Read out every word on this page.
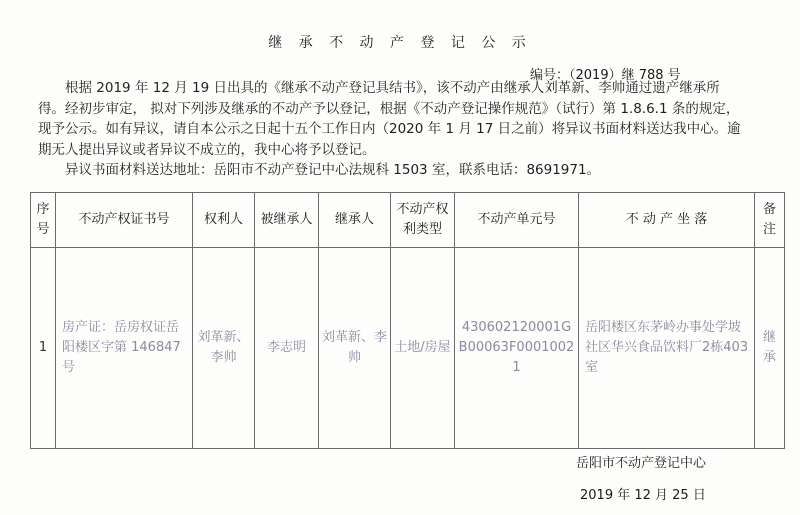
继 承 不 动 产 登 记 公 示
编号：（2019）继 788 号

根据 2019 年 12 月 19 日出具的《继承不动产登记具结书》，该不动产由继承人刘革新、李帅通过遗产继承所得。经初步审定， 拟对下列涉及继承的不动产予以登记，根据《不动产登记操作规范》（试行）第 1.8.6.1 条的规定，现予公示。如有异议，请自本公示之日起十五个工作日内（2020 年 1 月 17 日之前）将异议书面材料送达我中心。逾期无人提出异议或者异议不成立的，我中心将予以登记。

异议书面材料送达地址：岳阳市不动产登记中心法规科 1503 室，联系电话：8691971。

序号	不动产权证书号	权利人	被继承人	继承人	不动产权利类型	不动产单元号	不 动 产 坐 落	备注
1	房产证：岳房权证岳阳楼区字第 146847 号	刘革新、李帅	李志明	刘革新、李帅	土地/房屋	430602120001GB00063F00010021	岳阳楼区东茅岭办事处学坡社区华兴食品饮料厂2栋403室	继承
岳阳市不动产登记中心
2019 年 12 月 25 日
